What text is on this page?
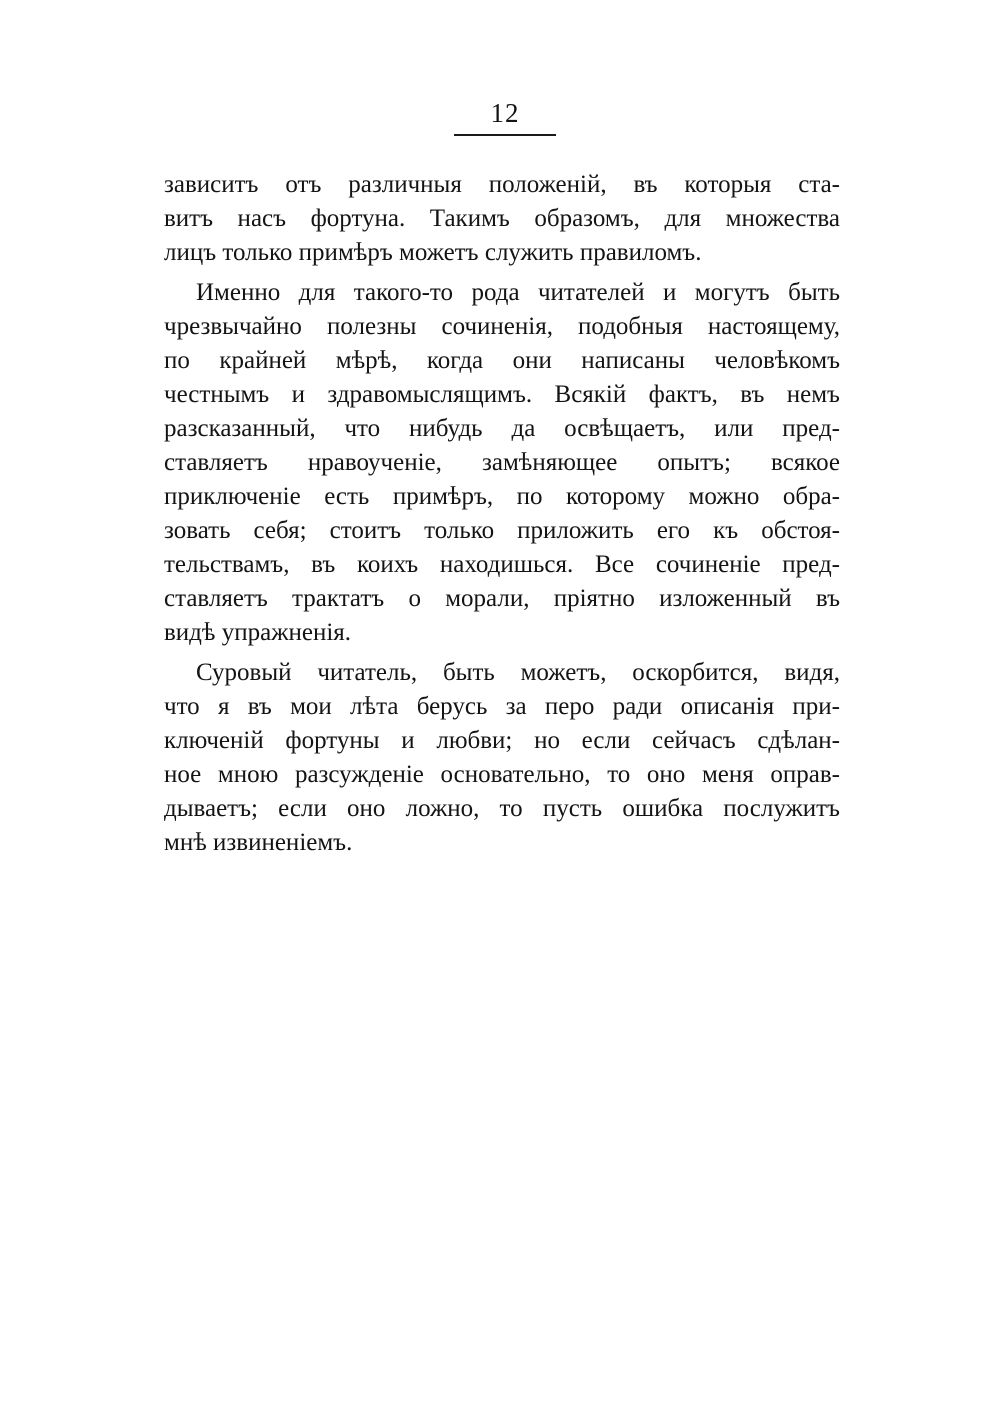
12
зависитъ отъ различныя положеній, въ которыя ста-
витъ насъ фортуна. Такимъ образомъ, для множества
лицъ только примѣръ можетъ служить правиломъ.
Именно для такого-то рода читателей и могутъ быть
чрезвычайно полезны сочиненія, подобныя настоящему,
по крайней мѣрѣ, когда они написаны человѣкомъ
честнымъ и здравомыслящимъ. Всякій фактъ, въ немъ
разсказанный, что нибудь да освѣщаетъ, или пред-
ставляетъ нравоученіе, замѣняющее опытъ; всякое
приключеніе есть примѣръ, по которому можно обра-
зовать себя; стоитъ только приложить его къ обстоя-
тельствамъ, въ коихъ находишься. Все сочиненіе пред-
ставляетъ трактатъ о морали, пріятно изложенный въ
видѣ упражненія.
Суровый читатель, быть можетъ, оскорбится, видя,
что я въ мои лѣта берусь за перо ради описанія при-
ключеній фортуны и любви; но если сейчасъ сдѣлан-
ное мною разсужденіе основательно, то оно меня оправ-
дываетъ; если оно ложно, то пусть ошибка послужитъ
мнѣ извиненіемъ.
